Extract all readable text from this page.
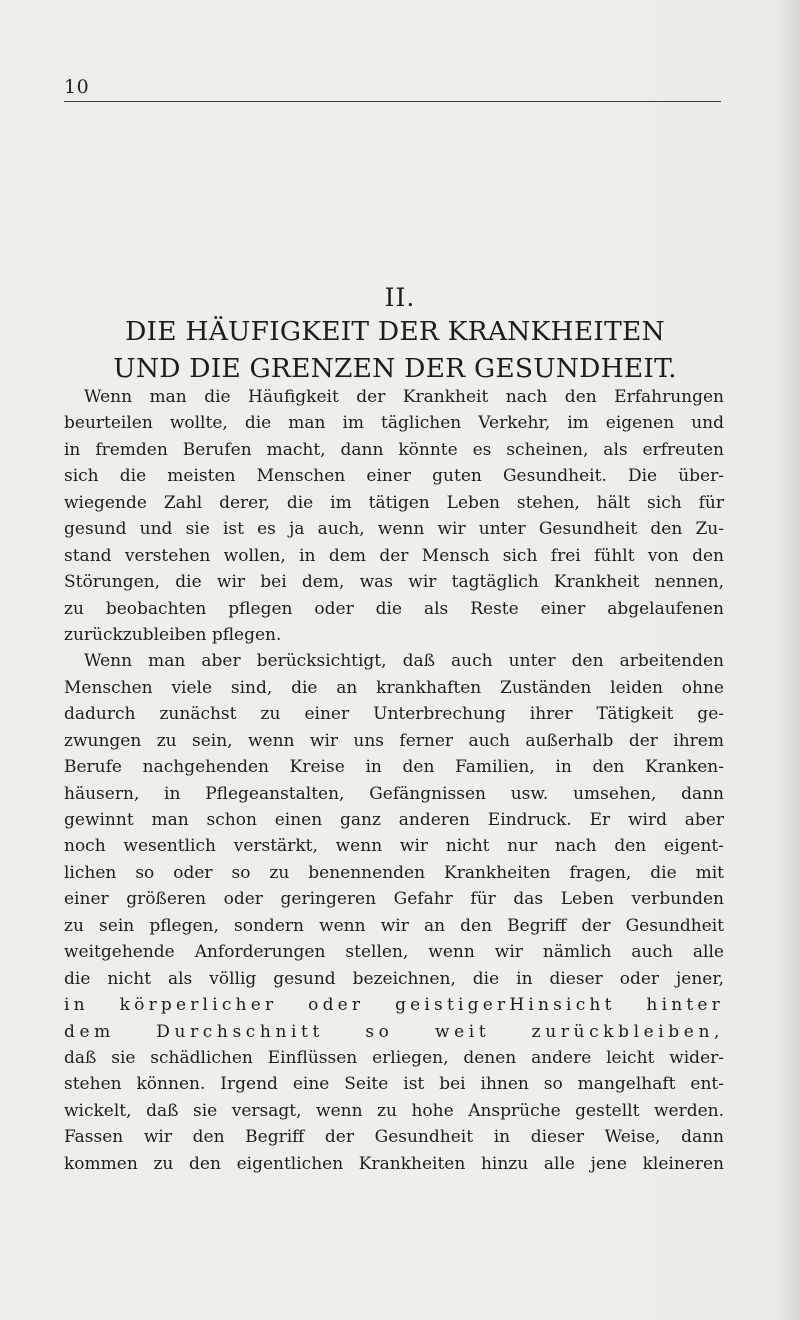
10
II.
DIE HÄUFIGKEIT DER KRANKHEITEN
UND DIE GRENZEN DER GESUNDHEIT.
Wenn man die Häufigkeit der Krankheit nach den Erfahrungen
beurteilen wollte, die man im täglichen Verkehr, im eigenen und
in fremden Berufen macht, dann könnte es scheinen, als erfreuten
sich die meisten Menschen einer guten Gesundheit. Die über-
wiegende Zahl derer, die im tätigen Leben stehen, hält sich für
gesund und sie ist es ja auch, wenn wir unter Gesundheit den Zu-
stand verstehen wollen, in dem der Mensch sich frei fühlt von den
Störungen, die wir bei dem, was wir tagtäglich Krankheit nennen,
zu beobachten pflegen oder die als Reste einer abgelaufenen
zurückzubleiben pflegen.
Wenn man aber berücksichtigt, daß auch unter den arbeitenden
Menschen viele sind, die an krankhaften Zuständen leiden ohne
dadurch zunächst zu einer Unterbrechung ihrer Tätigkeit ge-
zwungen zu sein, wenn wir uns ferner auch außerhalb der ihrem
Berufe nachgehenden Kreise in den Familien, in den Kranken-
häusern, in Pflegeanstalten, Gefängnissen usw. umsehen, dann
gewinnt man schon einen ganz anderen Eindruck. Er wird aber
noch wesentlich verstärkt, wenn wir nicht nur nach den eigent-
lichen so oder so zu benennenden Krankheiten fragen, die mit
einer größeren oder geringeren Gefahr für das Leben verbunden
zu sein pflegen, sondern wenn wir an den Begriff der Gesundheit
weitgehende Anforderungen stellen, wenn wir nämlich auch alle
die nicht als völlig gesund bezeichnen, die in dieser oder jener,
in körperlicher oder geistigerHinsicht hinter
dem Durchschnitt so weit zurückbleiben,
daß sie schädlichen Einflüssen erliegen, denen andere leicht wider-
stehen können. Irgend eine Seite ist bei ihnen so mangelhaft ent-
wickelt, daß sie versagt, wenn zu hohe Ansprüche gestellt werden.
Fassen wir den Begriff der Gesundheit in dieser Weise, dann
kommen zu den eigentlichen Krankheiten hinzu alle jene kleineren
